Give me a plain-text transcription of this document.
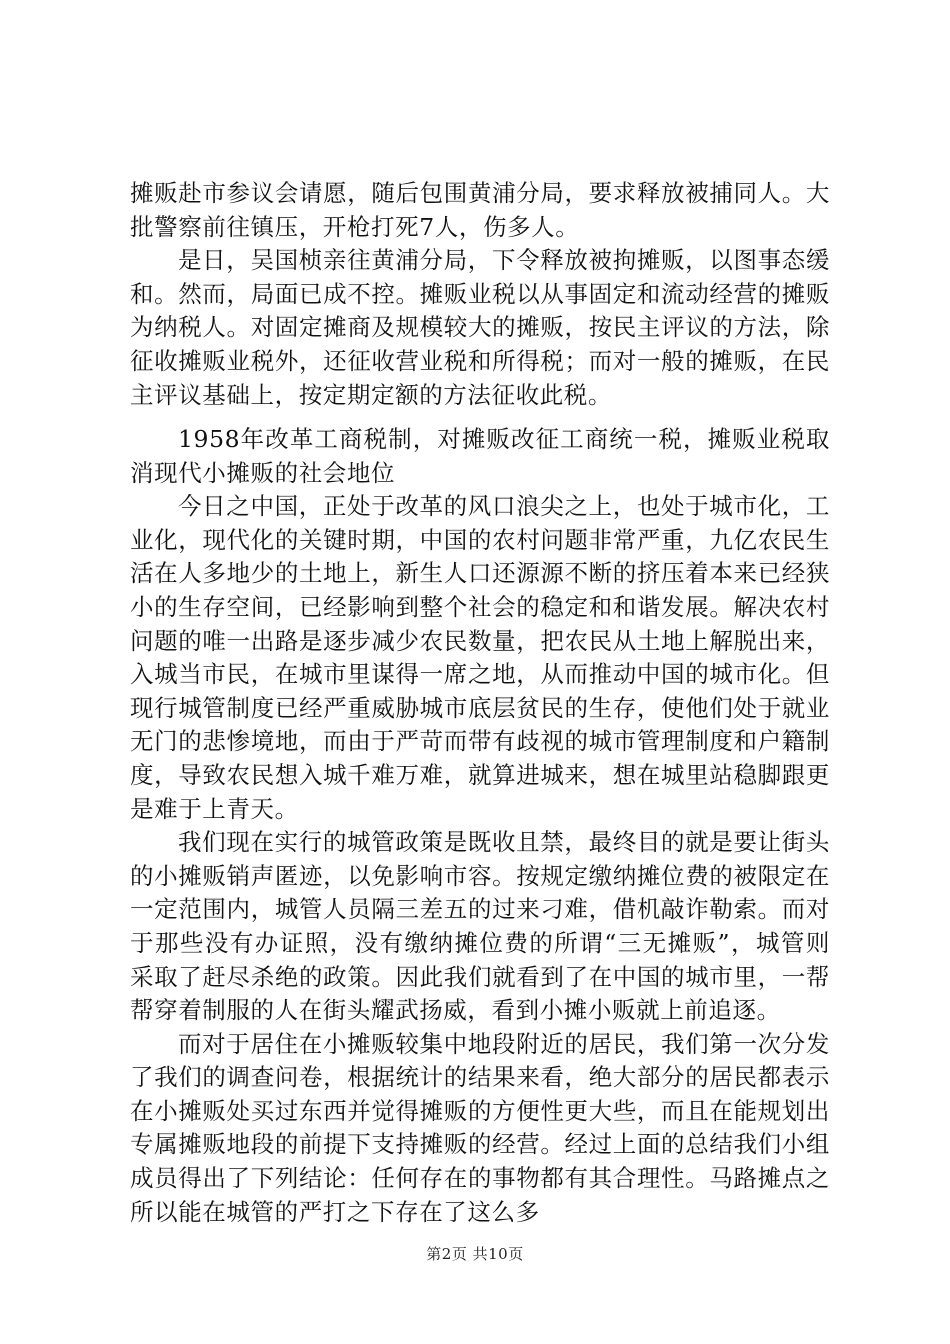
摊贩赴市参议会请愿，随后包围黄浦分局，要求释放被捕同人。大批警察前往镇压，开枪打死7人，伤多人。

是日，吴国桢亲往黄浦分局，下令释放被拘摊贩，以图事态缓和。然而，局面已成不控。摊贩业税以从事固定和流动经营的摊贩为纳税人。对固定摊商及规模较大的摊贩，按民主评议的方法，除征收摊贩业税外，还征收营业税和所得税；而对一般的摊贩，在民主评议基础上，按定期定额的方法征收此税。

1958年改革工商税制，对摊贩改征工商统一税，摊贩业税取消现代小摊贩的社会地位

今日之中国，正处于改革的风口浪尖之上，也处于城市化，工业化，现代化的关键时期，中国的农村问题非常严重，九亿农民生活在人多地少的土地上，新生人口还源源不断的挤压着本来已经狭小的生存空间，已经影响到整个社会的稳定和和谐发展。解决农村问题的唯一出路是逐步减少农民数量，把农民从土地上解脱出来，入城当市民，在城市里谋得一席之地，从而推动中国的城市化。但现行城管制度已经严重威胁城市底层贫民的生存，使他们处于就业无门的悲惨境地，而由于严苛而带有歧视的城市管理制度和户籍制度，导致农民想入城千难万难，就算进城来，想在城里站稳脚跟更是难于上青天。

我们现在实行的城管政策是既收且禁，最终目的就是要让街头的小摊贩销声匿迹，以免影响市容。按规定缴纳摊位费的被限定在一定范围内，城管人员隔三差五的过来刁难，借机敲诈勒索。而对于那些没有办证照，没有缴纳摊位费的所谓“三无摊贩”，城管则采取了赶尽杀绝的政策。因此我们就看到了在中国的城市里，一帮帮穿着制服的人在街头耀武扬威，看到小摊小贩就上前追逐。

而对于居住在小摊贩较集中地段附近的居民，我们第一次分发了我们的调查问卷，根据统计的结果来看，绝大部分的居民都表示在小摊贩处买过东西并觉得摊贩的方便性更大些，而且在能规划出专属摊贩地段的前提下支持摊贩的经营。经过上面的总结我们小组成员得出了下列结论：任何存在的事物都有其合理性。马路摊点之所以能在城管的严打之下存在了这么多

第2页 共10页
